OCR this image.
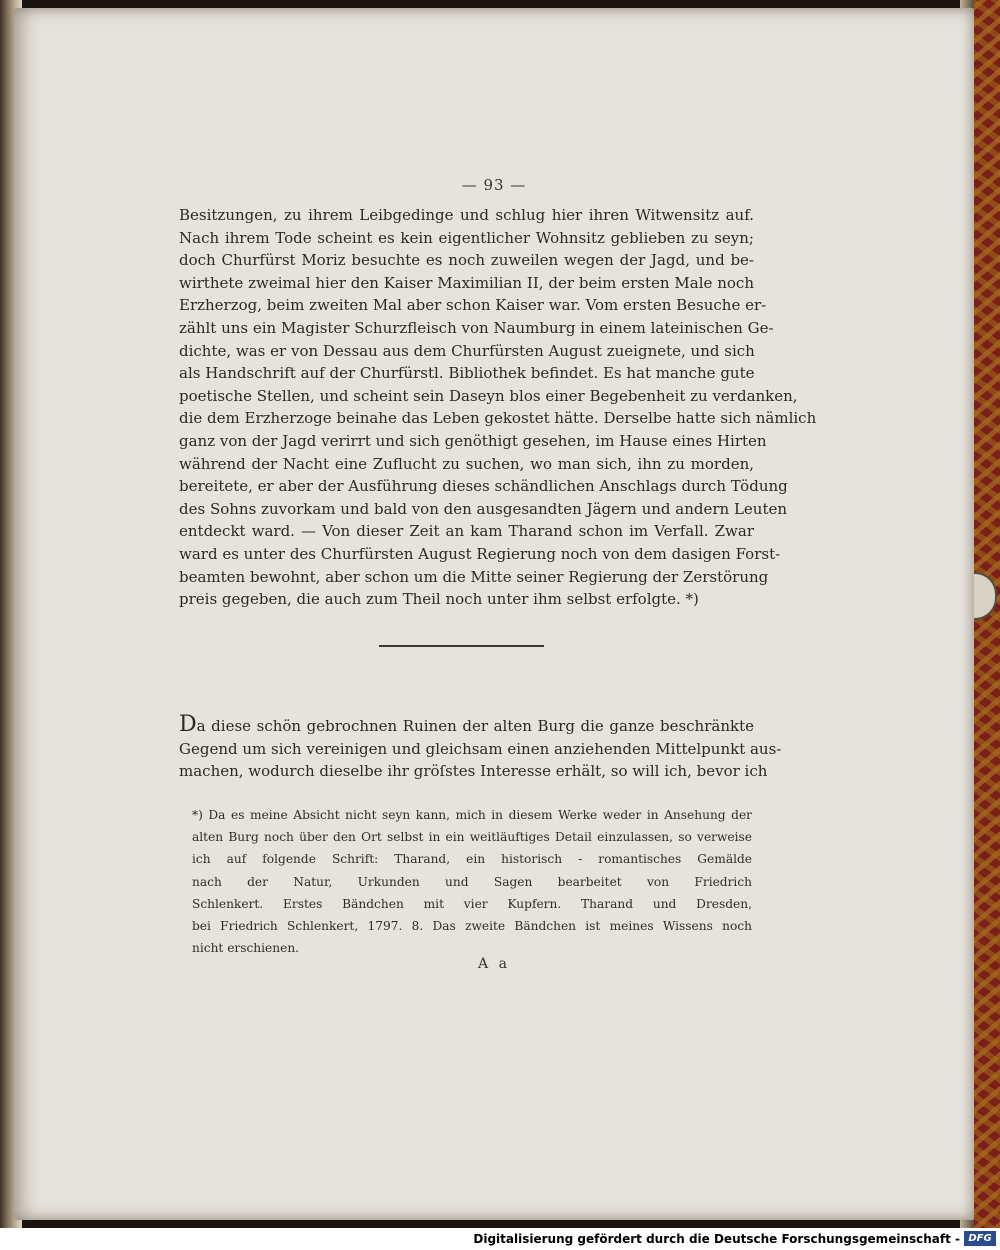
— 93 —
Besitzungen, zu ihrem Leibgedinge und schlug hier ihren Witwensitz auf.
Nach ihrem Tode scheint es kein eigentlicher Wohnsitz geblieben zu seyn;
doch Churfürst Moriz besuchte es noch zuweilen wegen der Jagd, und be-
wirthete zweimal hier den Kaiser Maximilian II, der beim ersten Male noch
Erzherzog, beim zweiten Mal aber schon Kaiser war. Vom ersten Besuche er-
zählt uns ein Magister Schurzfleisch von Naumburg in einem lateinischen Ge-
dichte, was er von Dessau aus dem Churfürsten August zueignete, und sich
als Handschrift auf der Churfürstl. Bibliothek befindet. Es hat manche gute
poetische Stellen, und scheint sein Daseyn blos einer Begebenheit zu verdanken,
die dem Erzherzoge beinahe das Leben gekostet hätte. Derselbe hatte sich nämlich
ganz von der Jagd verirrt und sich genöthigt gesehen, im Hause eines Hirten
während der Nacht eine Zuflucht zu suchen, wo man sich, ihn zu morden,
bereitete, er aber der Ausführung dieses schändlichen Anschlags durch Tödung
des Sohns zuvorkam und bald von den ausgesandten Jägern und andern Leuten
entdeckt ward. — Von dieser Zeit an kam Tharand schon im Verfall. Zwar
ward es unter des Churfürsten August Regierung noch von dem dasigen Forst-
beamten bewohnt, aber schon um die Mitte seiner Regierung der Zerstörung
preis gegeben, die auch zum Theil noch unter ihm selbst erfolgte. *)
Da diese schön gebrochnen Ruinen der alten Burg die ganze beschränkte
Gegend um sich vereinigen und gleichsam einen anziehenden Mittelpunkt aus-
machen, wodurch dieselbe ihr gröſstes Interesse erhält, so will ich, bevor ich
*) Da es meine Absicht nicht seyn kann, mich in diesem Werke weder in Ansehung der
alten Burg noch über den Ort selbst in ein weitläuftiges Detail einzulassen, so verweise
ich auf folgende Schrift: Tharand, ein historisch - romantisches Gemälde
nach der Natur, Urkunden und Sagen bearbeitet von Friedrich
Schlenkert. Erstes Bändchen mit vier Kupfern. Tharand und Dresden,
bei Friedrich Schlenkert, 1797. 8. Das zweite Bändchen ist meines Wissens noch
nicht erschienen.
A a
Digitalisierung gefördert durch die Deutsche Forschungsgemeinschaft - DFG
